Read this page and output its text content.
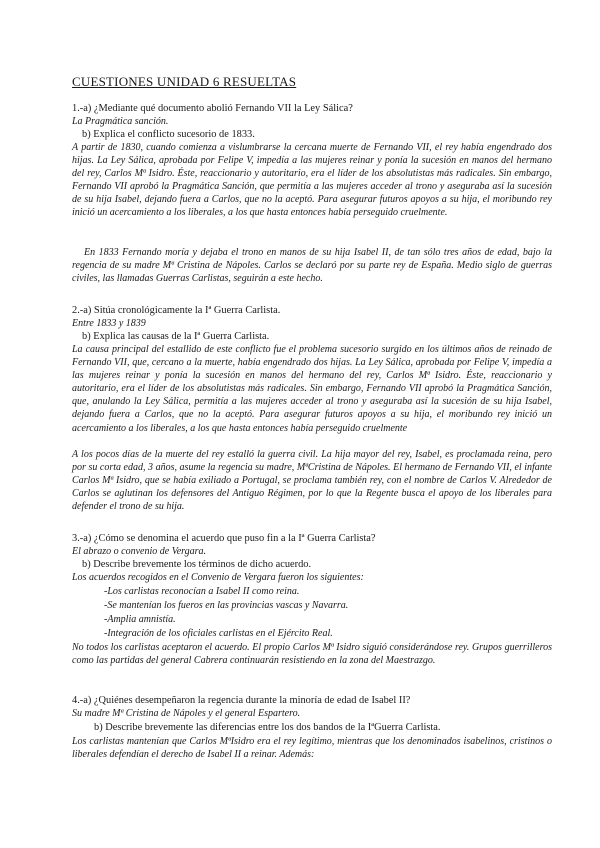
CUESTIONES UNIDAD 6 RESUELTAS
1.-a) ¿Mediante qué documento abolió Fernando VII la Ley Sálica?
La Pragmática sanción.
b) Explica el conflicto sucesorio de 1833.
A partir de 1830, cuando comienza a vislumbrarse la cercana muerte de Fernando VII, el rey había engendrado dos hijas. La Ley Sálica, aprobada por Felipe V, impedía a las mujeres reinar y ponía la sucesión en manos del hermano del rey, Carlos Mª Isidro. Éste, reaccionario y autoritario, era el líder de los absolutistas más radicales. Sin embargo, Fernando VII aprobó la Pragmática Sanción, que permitía a las mujeres acceder al trono y aseguraba así la sucesión de su hija Isabel, dejando fuera a Carlos, que no la aceptó. Para asegurar futuros apoyos a su hija, el moribundo rey inició un acercamiento a los liberales, a los que hasta entonces había perseguido cruelmente.
En 1833 Fernando moría y dejaba el trono en manos de su hija Isabel II, de tan sólo tres años de edad, bajo la regencia de su madre Mª Cristina de Nápoles. Carlos se declaró por su parte rey de España. Medio siglo de guerras civiles, las llamadas Guerras Carlistas, seguirán a este hecho.
2.-a) Sitúa cronológicamente la Iª Guerra Carlista.
Entre 1833 y 1839
b) Explica las causas de la Iª Guerra Carlista.
La causa principal del estallido de este conflicto fue el problema sucesorio surgido en los últimos años de reinado de Fernando VII, que, cercano a la muerte, había engendrado dos hijas. La Ley Sálica, aprobada por Felipe V, impedía a las mujeres reinar y ponía la sucesión en manos del hermano del rey, Carlos Mª Isidro. Éste, reaccionario y autoritario, era el líder de los absolutistas más radicales. Sin embargo, Fernando VII aprobó la Pragmática Sanción, que, anulando la Ley Sálica, permitía a las mujeres acceder al trono y aseguraba así la sucesión de su hija Isabel, dejando fuera a Carlos, que no la aceptó. Para asegurar futuros apoyos a su hija, el moribundo rey inició un acercamiento a los liberales, a los que hasta entonces había perseguido cruelmente
A los pocos días de la muerte del rey estalló la guerra civil. La hija mayor del rey, Isabel, es proclamada reina, pero por su corta edad, 3 años, asume la regencia su madre, MªCristina de Nápoles. El hermano de Fernando VII, el infante Carlos Mª Isidro, que se había exiliado a Portugal, se proclama también rey, con el nombre de Carlos V. Alrededor de Carlos se aglutinan los defensores del Antiguo Régimen, por lo que la Regente busca el apoyo de los liberales para defender el trono de su hija.
3.-a) ¿Cómo se denomina el acuerdo que puso fin a la Iª Guerra Carlista?
El abrazo o convenio de Vergara.
b) Describe brevemente los términos de dicho acuerdo.
Los acuerdos recogidos en el Convenio de Vergara fueron los siguientes:
-Los carlistas reconocían a Isabel II como reina.
-Se mantenían los fueros en las provincias vascas y Navarra.
-Amplia amnistía.
-Integración de los oficiales carlistas en el Ejército Real.
No todos los carlistas aceptaron el acuerdo. El propio Carlos Mª Isidro siguió considerándose rey. Grupos guerrilleros como las partidas del general Cabrera continuarán resistiendo en la zona del Maestrazgo.
4.-a) ¿Quiénes desempeñaron la regencia durante la minoría de edad de Isabel II?
Su madre Mª Cristina de Nápoles y el general Espartero.
b) Describe brevemente las diferencias entre los dos bandos de la IªGuerra Carlista.
Los carlistas mantenían que Carlos MªIsidro era el rey legítimo, mientras que los denominados isabelinos, cristinos o liberales defendían el derecho de Isabel II a reinar. Además:
